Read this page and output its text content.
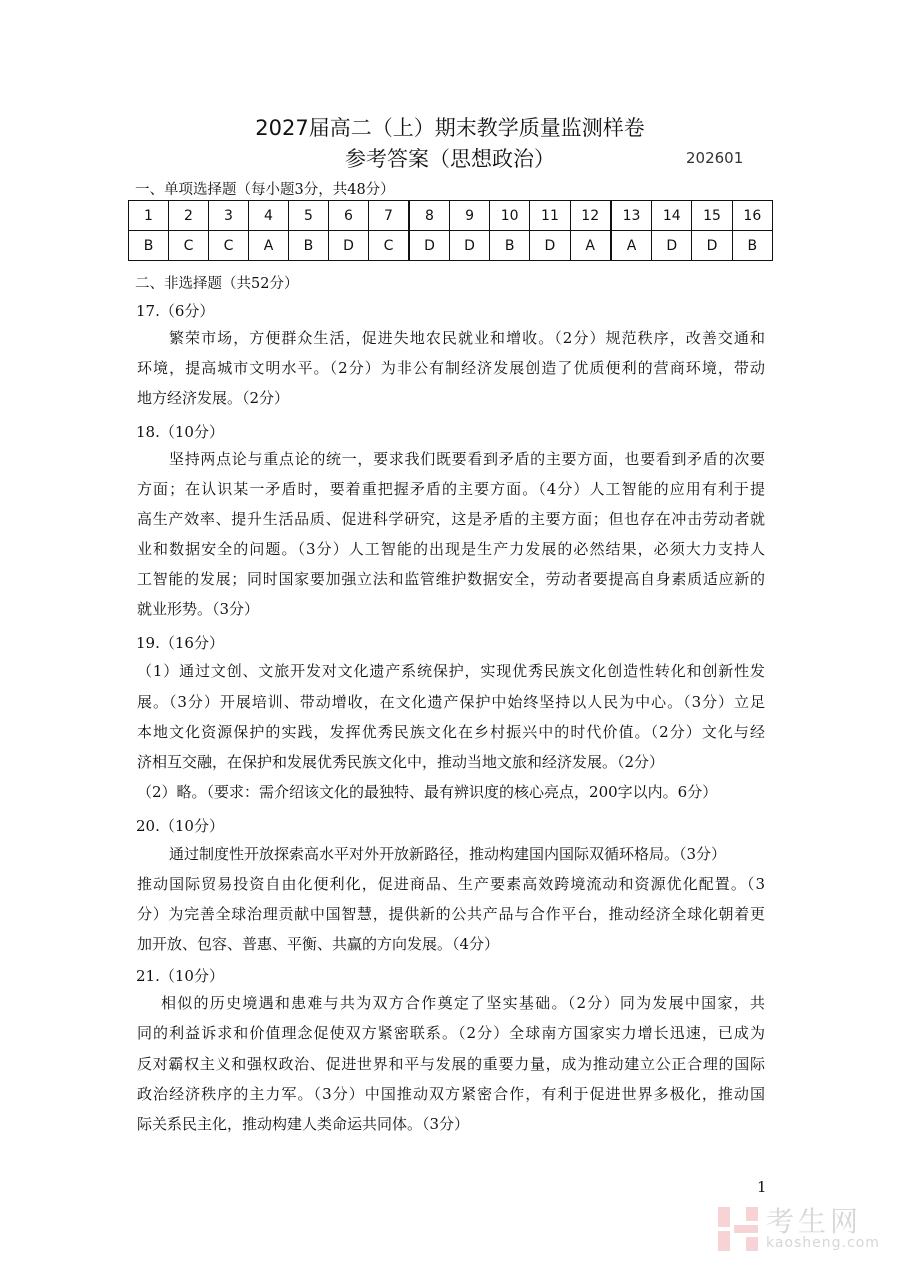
2027届高二（上）期末教学质量监测样卷
参考答案（思想政治）	202601
一、单项选择题（每小题3分，共48分）
1	2	3	4	5	6	7	8	9	10	11	12	13	14	15	16
B	C	C	A	B	D	C	D	D	B	D	A	A	D	D	B
二、非选择题（共52分）
17.（6分）
繁荣市场，方便群众生活，促进失地农民就业和增收。（2分）规范秩序，改善交通和
环境，提高城市文明水平。（2分）为非公有制经济发展创造了优质便利的营商环境，带动
地方经济发展。（2分）
18.（10分）
坚持两点论与重点论的统一，要求我们既要看到矛盾的主要方面，也要看到矛盾的次要
方面；在认识某一矛盾时，要着重把握矛盾的主要方面。（4分）人工智能的应用有利于提
高生产效率、提升生活品质、促进科学研究，这是矛盾的主要方面；但也存在冲击劳动者就
业和数据安全的问题。（3分）人工智能的出现是生产力发展的必然结果，必须大力支持人
工智能的发展；同时国家要加强立法和监管维护数据安全，劳动者要提高自身素质适应新的
就业形势。（3分）
19.（16分）
（1）通过文创、文旅开发对文化遗产系统保护，实现优秀民族文化创造性转化和创新性发
展。（3分）开展培训、带动增收，在文化遗产保护中始终坚持以人民为中心。（3分）立足
本地文化资源保护的实践，发挥优秀民族文化在乡村振兴中的时代价值。（2分）文化与经
济相互交融，在保护和发展优秀民族文化中，推动当地文旅和经济发展。（2分）
（2）略。（要求：需介绍该文化的最独特、最有辨识度的核心亮点，200字以内。6分）
20.（10分）
通过制度性开放探索高水平对外开放新路径，推动构建国内国际双循环格局。（3分）
推动国际贸易投资自由化便利化，促进商品、生产要素高效跨境流动和资源优化配置。（3
分）为完善全球治理贡献中国智慧，提供新的公共产品与合作平台，推动经济全球化朝着更
加开放、包容、普惠、平衡、共赢的方向发展。（4分）
21.（10分）
相似的历史境遇和患难与共为双方合作奠定了坚实基础。（2分）同为发展中国家，共
同的利益诉求和价值理念促使双方紧密联系。（2分）全球南方国家实力增长迅速，已成为
反对霸权主义和强权政治、促进世界和平与发展的重要力量，成为推动建立公正合理的国际
政治经济秩序的主力军。（3分）中国推动双方紧密合作，有利于促进世界多极化，推动国
际关系民主化，推动构建人类命运共同体。（3分）
1
考生网
kaosheng.com
